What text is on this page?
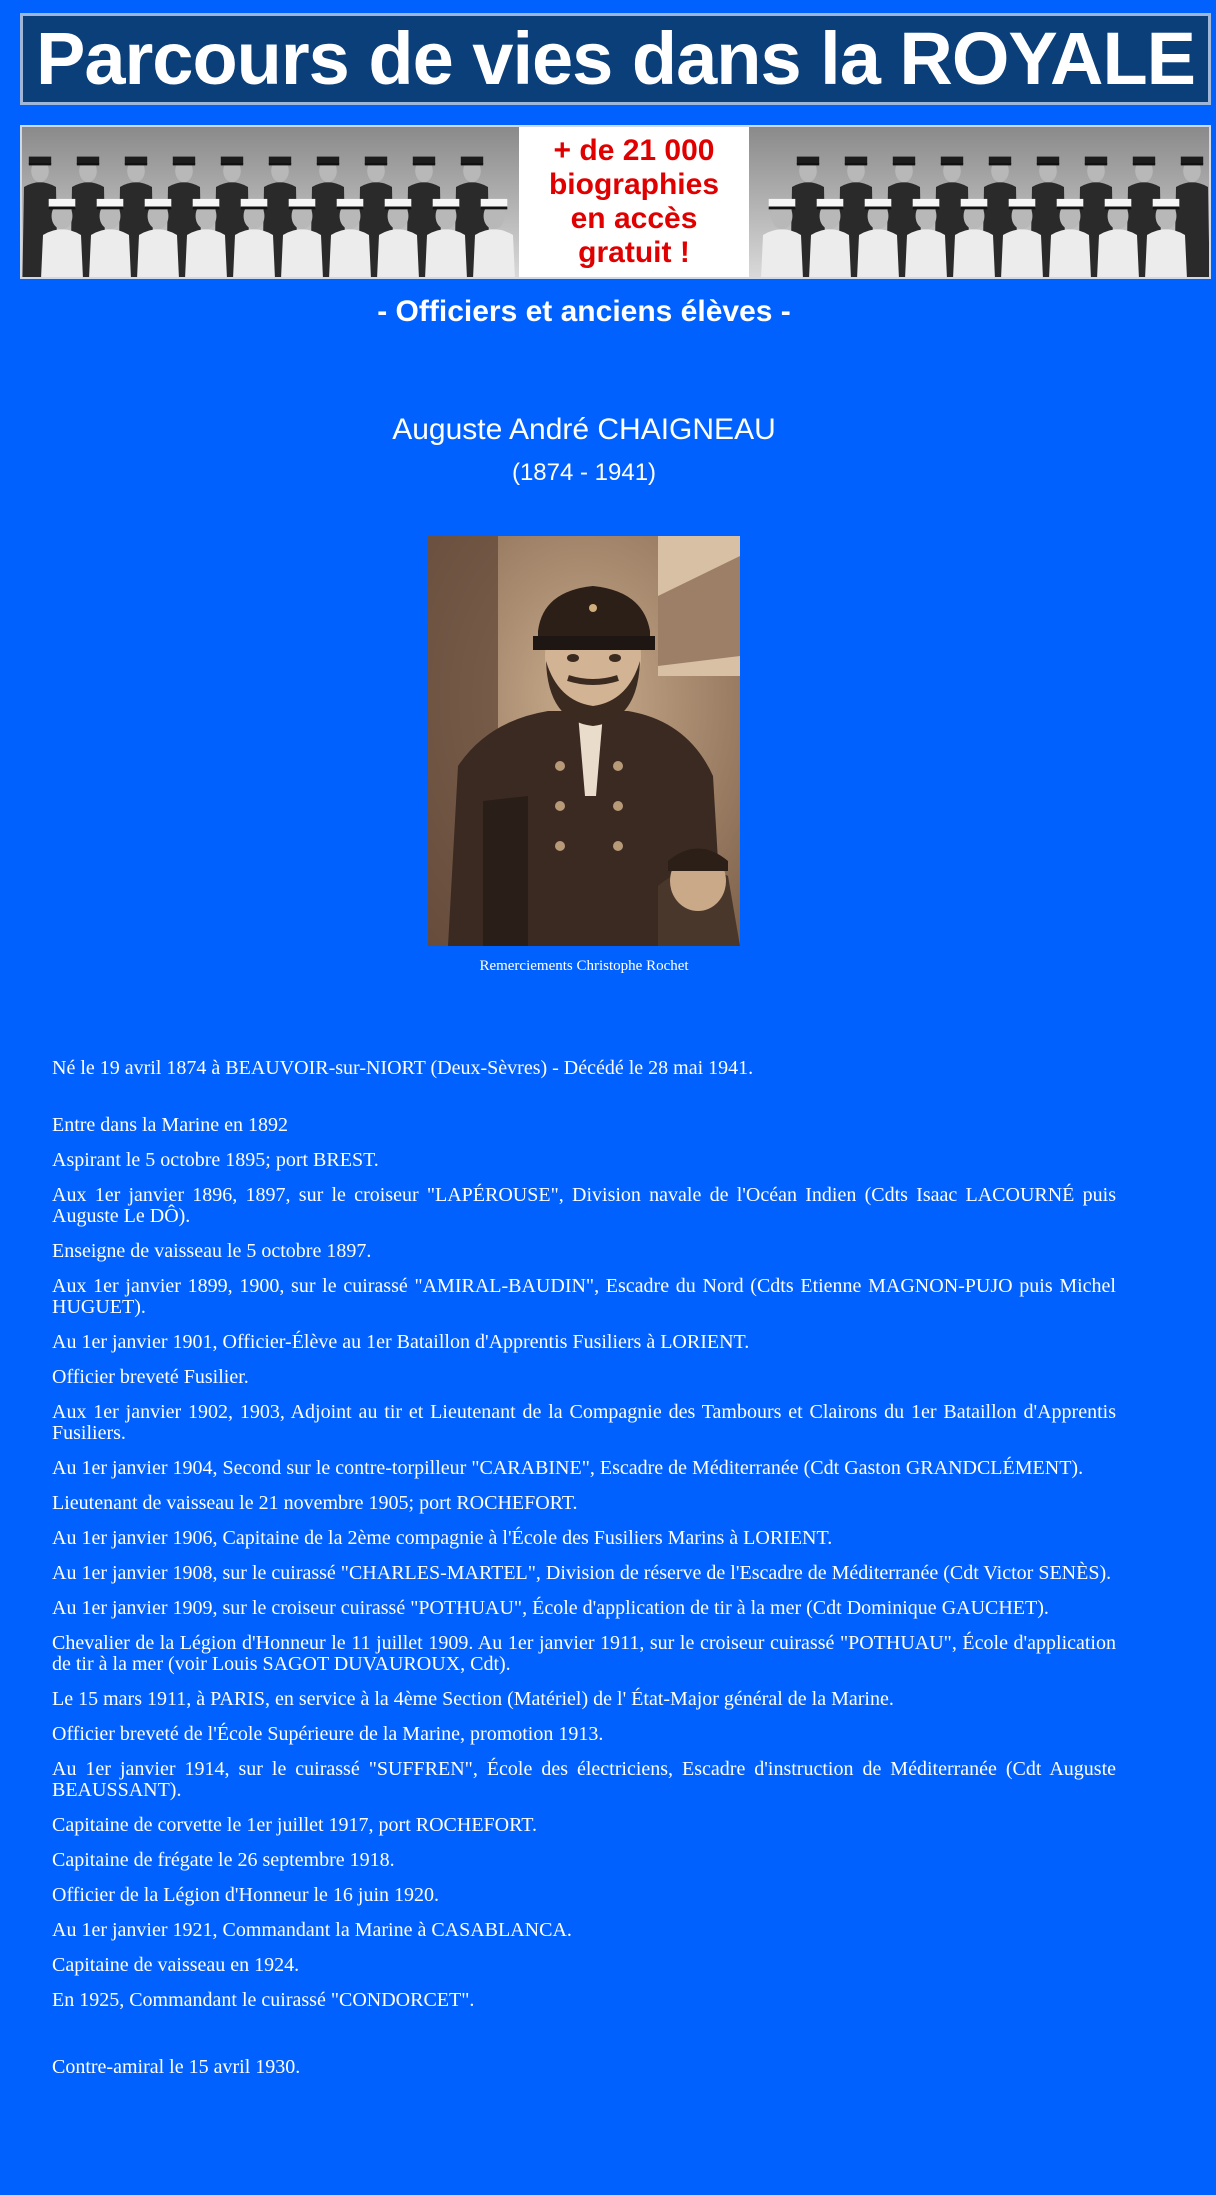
Parcours de vies dans la ROYALE
+ de 21 000
biographies
en accès
gratuit !
- Officiers et anciens élèves -
Auguste André CHAIGNEAU
(1874 - 1941)
Remerciements Christophe Rochet

Né le 19 avril 1874 à BEAUVOIR-sur-NIORT (Deux-Sèvres) - Décédé le 28 mai 1941.

Entre dans la Marine en 1892

Aspirant le 5 octobre 1895; port BREST.

Aux 1er janvier 1896, 1897, sur le croiseur "LAPÉROUSE", Division navale de l'Océan Indien (Cdts Isaac LACOURNÉ puis Auguste Le DÔ).

Enseigne de vaisseau le 5 octobre 1897.

Aux 1er janvier 1899, 1900, sur le cuirassé "AMIRAL-BAUDIN", Escadre du Nord (Cdts Etienne MAGNON-PUJO puis Michel HUGUET).

Au 1er janvier 1901, Officier-Élève au 1er Bataillon d'Apprentis Fusiliers à LORIENT.

Officier breveté Fusilier.

Aux 1er janvier 1902, 1903, Adjoint au tir et Lieutenant de la Compagnie des Tambours et Clairons du 1er Bataillon d'Apprentis Fusiliers.

Au 1er janvier 1904, Second sur le contre-torpilleur "CARABINE", Escadre de Méditerranée (Cdt Gaston GRANDCLÉMENT).

Lieutenant de vaisseau le 21 novembre 1905; port ROCHEFORT.

Au 1er janvier 1906, Capitaine de la 2ème compagnie à l'École des Fusiliers Marins à LORIENT.

Au 1er janvier 1908, sur le cuirassé "CHARLES-MARTEL", Division de réserve de l'Escadre de Méditerranée (Cdt Victor SENÈS).

Au 1er janvier 1909, sur le croiseur cuirassé "POTHUAU", École d'application de tir à la mer (Cdt Dominique GAUCHET).

Chevalier de la Légion d'Honneur le 11 juillet 1909. Au 1er janvier 1911, sur le croiseur cuirassé "POTHUAU", École d'application de tir à la mer (voir Louis SAGOT DUVAUROUX, Cdt).

Le 15 mars 1911, à PARIS, en service à la 4ème Section (Matériel) de l' État-Major général de la Marine.

Officier breveté de l'École Supérieure de la Marine, promotion 1913.

Au 1er janvier 1914, sur le cuirassé "SUFFREN", École des électriciens, Escadre d'instruction de Méditerranée (Cdt Auguste BEAUSSANT).

Capitaine de corvette le 1er juillet 1917, port ROCHEFORT.

Capitaine de frégate le 26 septembre 1918.

Officier de la Légion d'Honneur le 16 juin 1920.

Au 1er janvier 1921, Commandant la Marine à CASABLANCA.

Capitaine de vaisseau en 1924.

En 1925, Commandant le cuirassé "CONDORCET".

Contre-amiral le 15 avril 1930.
